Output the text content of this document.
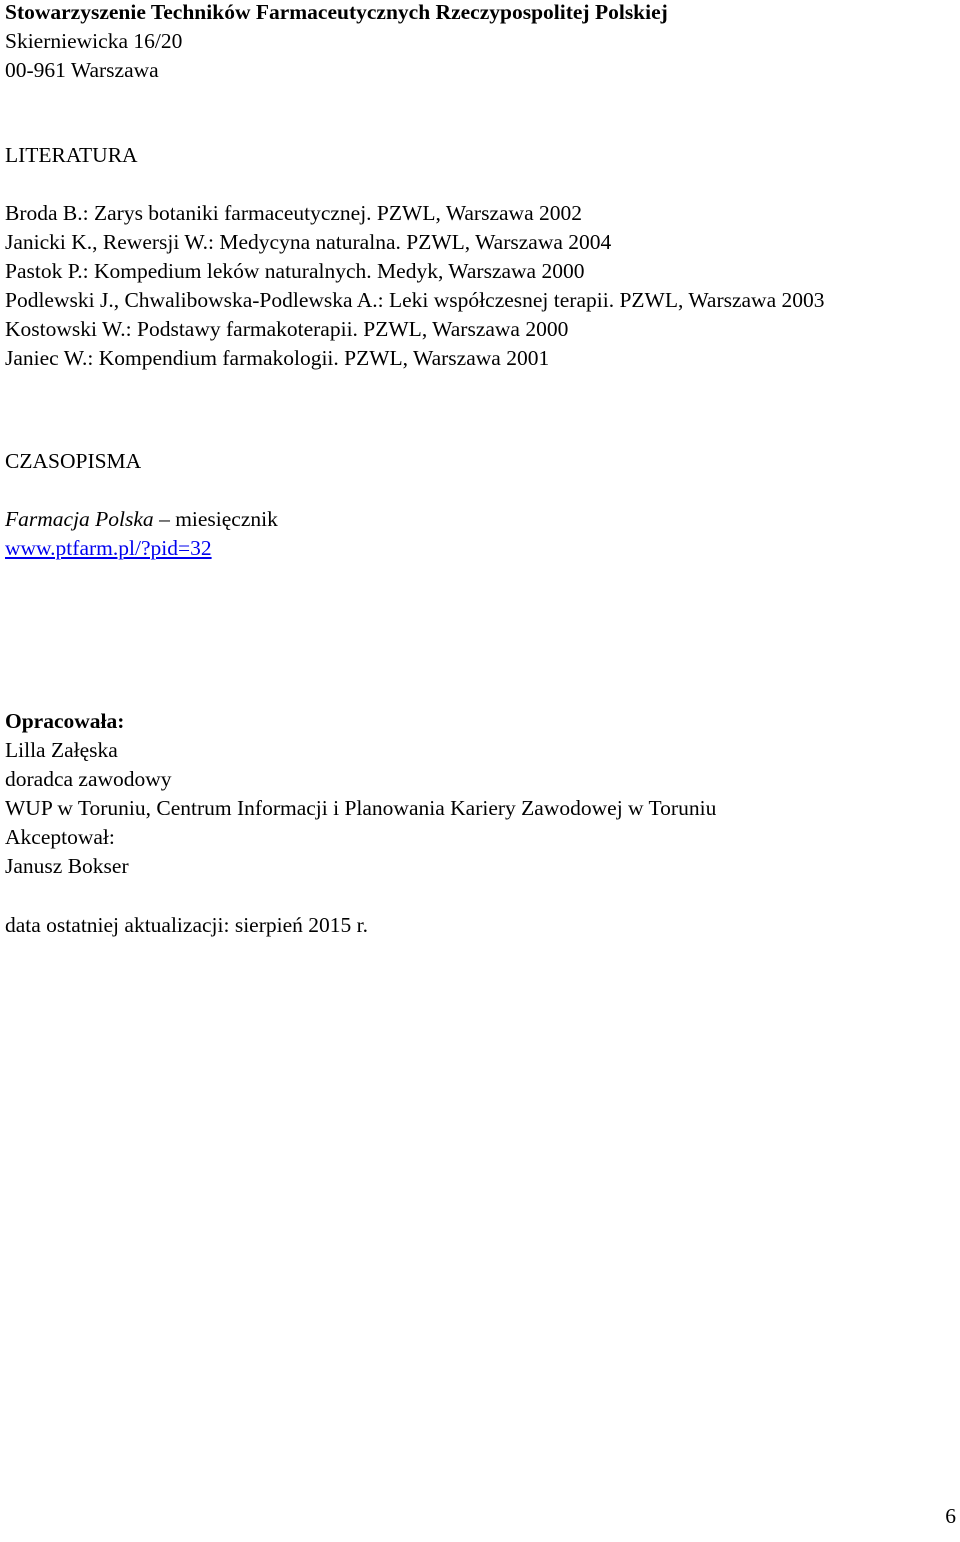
Stowarzyszenie Techników Farmaceutycznych Rzeczypospolitej Polskiej
Skierniewicka 16/20
00-961 Warszawa
LITERATURA
Broda B.: Zarys botaniki farmaceutycznej. PZWL, Warszawa 2002
Janicki K., Rewersji W.: Medycyna naturalna. PZWL, Warszawa 2004
Pastok P.: Kompedium leków naturalnych. Medyk, Warszawa 2000
Podlewski J., Chwalibowska-Podlewska A.: Leki współczesnej terapii. PZWL, Warszawa 2003
Kostowski W.: Podstawy farmakoterapii. PZWL, Warszawa 2000
Janiec W.: Kompendium farmakologii. PZWL, Warszawa 2001
CZASOPISMA
Farmacja Polska – miesięcznik
www.ptfarm.pl/?pid=32
Opracowała:
Lilla Załęska
doradca zawodowy
WUP w Toruniu, Centrum Informacji i Planowania Kariery Zawodowej w Toruniu
Akceptował:
Janusz Bokser
data ostatniej aktualizacji: sierpień 2015 r.
6
